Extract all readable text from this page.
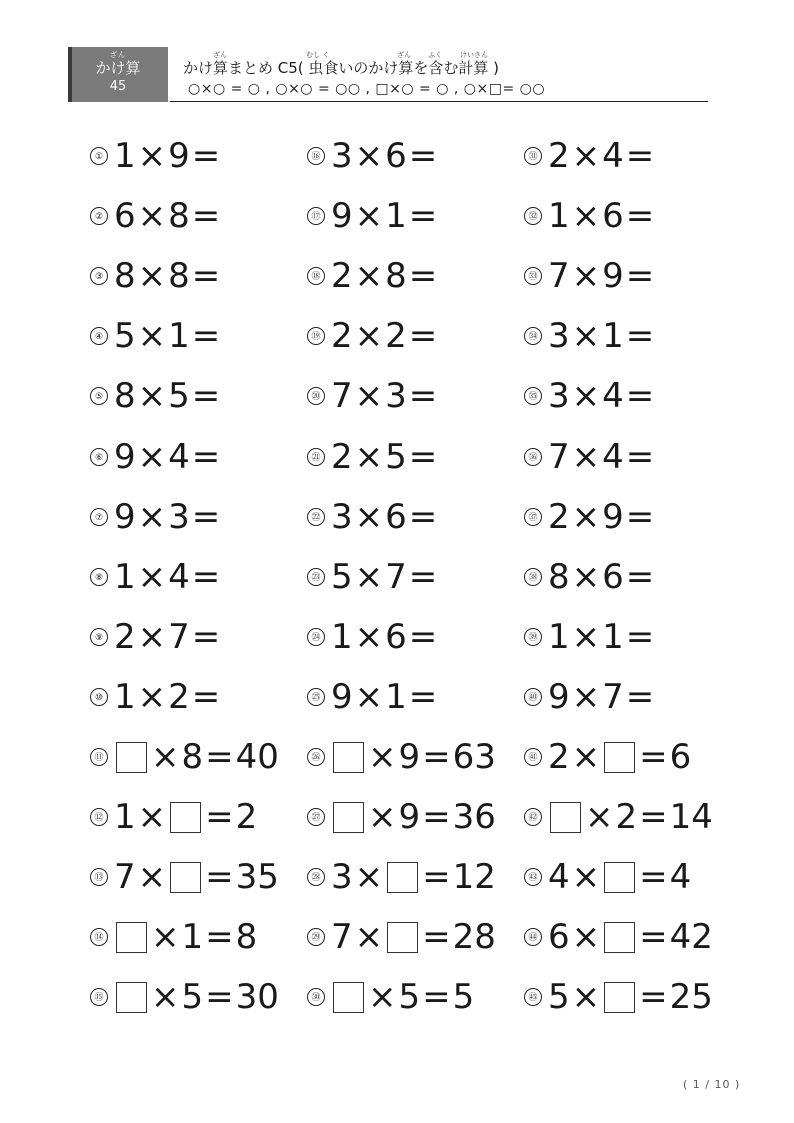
ざん
かけ算
45
ざん	むし く	ざん ふく	けいさん
かけ算まとめ C5( 虫食いのかけ算を含む計算 )
○×○ = ○ , ○×○ = ○○ , □×○ = ○ , ○×□= ○○
① 1 × 9 =
② 6 × 8 =
③ 8 × 8 =
④ 5 × 1 =
⑤ 8 × 5 =
⑥ 9 × 4 =
⑦ 9 × 3 =
⑧ 1 × 4 =
⑨ 2 × 7 =
⑩ 1 × 2 =
⑪ × 8 = 40
⑫ 1 × = 2
⑬ 7 × = 35
⑭ × 1 = 8
⑮ × 5 = 30
⑯ 3 × 6 =
⑰ 9 × 1 =
⑱ 2 × 8 =
⑲ 2 × 2 =
⑳ 7 × 3 =
㉑ 2 × 5 =
㉒ 3 × 6 =
㉓ 5 × 7 =
㉔ 1 × 6 =
㉕ 9 × 1 =
㉖ × 9 = 63
㉗ × 9 = 36
㉘ 3 × = 12
㉙ 7 × = 28
㉚ × 5 = 5
㉛ 2 × 4 =
㉜ 1 × 6 =
㉝ 7 × 9 =
㉞ 3 × 1 =
㉟ 3 × 4 =
㊱ 7 × 4 =
㊲ 2 × 9 =
㊳ 8 × 6 =
㊴ 1 × 1 =
㊵ 9 × 7 =
㊶ 2 × = 6
㊷ × 2 = 14
㊸ 4 × = 4
㊹ 6 × = 42
㊺ 5 × = 25
( 1 / 10 )
